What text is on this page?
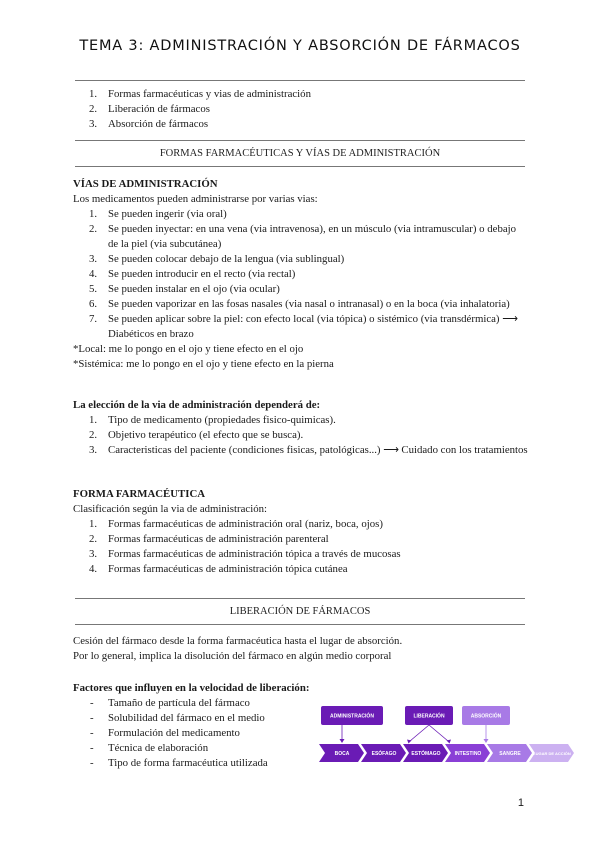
TEMA 3: ADMINISTRACIÓN Y ABSORCIÓN DE FÁRMACOS
Formas farmacéuticas y vias de administración
Liberación de fármacos
Absorción de fármacos
FORMAS FARMACÉUTICAS Y VÍAS DE ADMINISTRACIÓN
VÍAS DE ADMINISTRACIÓN
Los medicamentos pueden administrarse por varias vias:
Se pueden ingerir (via oral)
Se pueden inyectar: en una vena (via intravenosa), en un músculo (via intramuscular) o debajo de la piel (via subcutánea)
Se pueden colocar debajo de la lengua (via sublingual)
Se pueden introducir en el recto (via rectal)
Se pueden instalar en el ojo (via ocular)
Se pueden vaporizar en las fosas nasales (via nasal o intranasal) o en la boca (via inhalatoria)
Se pueden aplicar sobre la piel: con efecto local (via tópica) o sistémico (via transdérmica) ⟶ Diabéticos en brazo
*Local: me lo pongo en el ojo y tiene efecto en el ojo
*Sistémica: me lo pongo en el ojo y tiene efecto en la pierna
La elección de la via de administración dependerá de:
Tipo de medicamento (propiedades fisico-quimicas).
Objetivo terapéutico (el efecto que se busca).
Caracteristicas del paciente (condiciones fisicas, patológicas...) ⟶ Cuidado con los tratamientos
FORMA FARMACÉUTICA
Clasificación según la via de administración:
Formas farmacéuticas de administración oral (nariz, boca, ojos)
Formas farmacéuticas de administración parenteral
Formas farmacéuticas de administración tópica a través de mucosas
Formas farmacéuticas de administración tópica cutánea
LIBERACIÓN DE FÁRMACOS
Cesión del fármaco desde la forma farmacéutica hasta el lugar de absorción.
Por lo general, implica la disolución del fármaco en algún medio corporal
Factores que influyen en la velocidad de liberación:
- Tamaño de partícula del fármaco
- Solubilidad del fármaco en el medio
- Formulación del medicamento
- Técnica de elaboración
- Tipo de forma farmacéutica utilizada
ADMINISTRACIÓN	LIBERACIÓN	ABSORCIÓN
BOCA	ESÓFAGO	ESTÓMAGO	INTESTINO	SANGRE	LUGAR DE ACCIÓN
1
